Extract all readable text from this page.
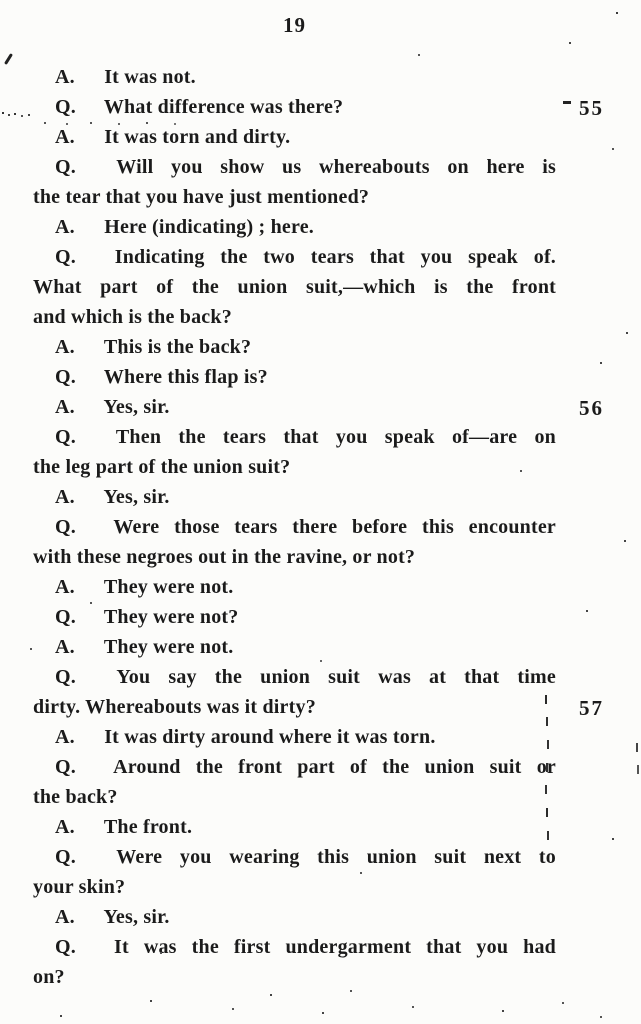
19
A. It was not.
Q. What difference was there?	55
A. It was torn and dirty.
Q. Will you show us whereabouts on here is
the tear that you have just mentioned?
A. Here (indicating) ; here.
Q. Indicating the two tears that you speak of.
What part of the union suit,—which is the front
and which is the back?
A. This is the back?
Q. Where this flap is?
A. Yes, sir.	56
Q. Then the tears that you speak of—are on
the leg part of the union suit?
A. Yes, sir.
Q. Were those tears there before this encounter
with these negroes out in the ravine, or not?
A. They were not.
Q. They were not?
A. They were not.
Q. You say the union suit was at that time
dirty. Whereabouts was it dirty?	57
A. It was dirty around where it was torn.
Q. Around the front part of the union suit or
the back?
A. The front.
Q. Were you wearing this union suit next to
your skin?
A. Yes, sir.
Q. It was the first undergarment that you had
on?
